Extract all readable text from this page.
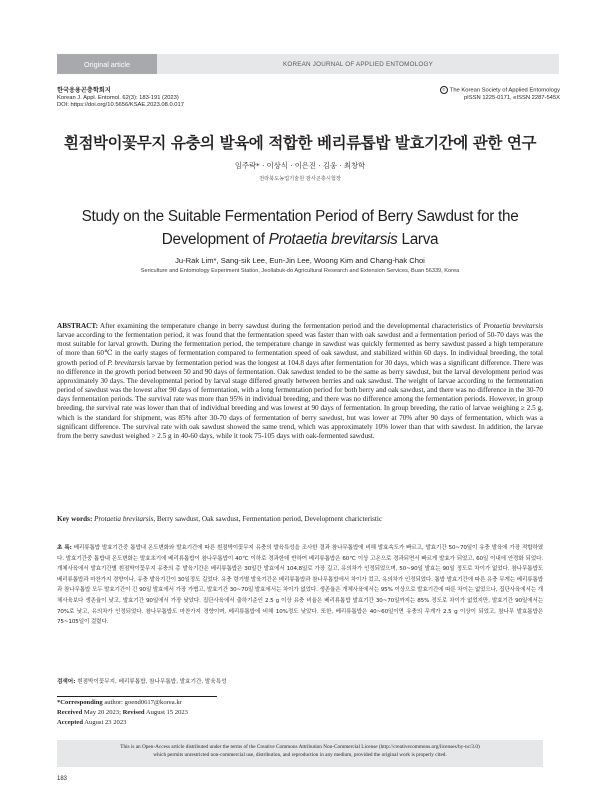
Original article	KOREAN JOURNAL OF APPLIED ENTOMOLOGY
한국응용곤충학회지
Korean J. Appl. Entomol. 62(3): 183-191 (2023)
DOI: https://doi.org/10.5656/KSAE.2023.08.0.017
© The Korean Society of Applied Entomology
pISSN 1225-0171, eISSN 2287-545X
흰점박이꽃무지 유충의 발육에 적합한 베리류톱밥 발효기간에 관한 연구
임주락* · 이상식 · 이은진 · 김웅 · 최창학
전라북도농업기술원 잠사곤충시험장
Study on the Suitable Fermentation Period of Berry Sawdust for the
Development of Protaetia brevitarsis Larva
Ju-Rak Lim*, Sang-sik Lee, Eun-Jin Lee, Woong Kim and Chang-hak Choi
Sericulture and Entomology Experiment Station, Jeollabuk-do Agricultural Research and Extension Services, Buan 56339, Korea
ABSTRACT: After examining the temperature change in berry sawdust during the fermentation period and the developmental characteristics of Protaetia brevitarsis larvae according to the fermentation period, it was found that the fermentation speed was faster than with oak sawdust and a fermentation period of 50-70 days was the most suitable for larval growth. During the fermentation period, the temperature change in sawdust was quickly fermented as berry sawdust passed a high temperature of more than 60℃ in the early stages of fermentation compared to fermentation speed of oak sawdust, and stabilized within 60 days. In individual breeding, the total growth period of P. brevitarsis larvae by fermentation period was the longest at 104.8 days after fermentation for 30 days, which was a significant difference. There was no difference in the growth period between 50 and 90 days of fermentation. Oak sawdust tended to be the same as berry sawdust, but the larval development period was approximately 30 days. The developmental period by larval stage differed greatly between berries and oak sawdust. The weight of larvae according to the fermentation period of sawdust was the lowest after 90 days of fermentation, with a long fermentation period for both berry and oak sawdust, and there was no difference in the 30-70 days fermentation periods. The survival rate was more than 95% in individual breeding, and there was no difference among the fermentation periods. However, in group breeding, the survival rate was lower than that of individual breeding and was lowest at 90 days of fermentation. In group breeding, the ratio of larvae weighing ≥ 2.5 g, which is the standard for shipment, was 85% after 30-70 days of fermentation of berry sawdust, but was lower at 70% after 90 days of fermentation, which was a significant difference. The survival rate with oak sawdust showed the same trend, which was approximately 10% lower than that with sawdust. In addition, the larvae from the berry sawdust weighed > 2.5 g in 40-60 days, while it took 75-105 days with oak-fermented sawdust.
Key words: Protaetia brevitarsis, Berry sawdust, Oak sawdust, Fermentation period, Development charicteristic
초 록: 베리류톱밥 발효기간중 톱밥내 온도변화와 발효기간에 따른 흰점박이꽃무지 유충의 발육특성을 조사한 결과 참나무톱밥에 비해 발효속도가 빠르고, 발효기간 50~70일이 유충 발육에 가장 적합하였다. 발효기간중 톱밥내 온도변화는 발효초기에 베리류톱밥이 참나무톱밥이 40℃ 이하로 경과한데 반하여 베리류톱밥은 60℃ 이상 고온으로 경과되면서 빠르게 발효가 되었고, 60일 이내에 안정화 되었다. 개체사육에서 발효기간별 흰점박이꽃무지 유충의 총 발육기간은 베리류톱밥은 30일간 발효에서 104.8일로 가장 길고, 유의차가 인정되었으며, 50~90일 발효는 90일 정도로 차이가 없었다. 참나무톱밥도 베리류톱밥과 마찬가지 경향이나, 유충 발육기간이 30일정도 길었다. 유충 령기별 발육기간은 베리류톱밥과 참나무톱밥에서 차이가 컸고, 유의차가 인정되었다. 톱밥 발효기간에 따른 유충 무게는 베리류톱밥과 참나무톱밥 모두 발효기간이 긴 90일 발효에서 가장 가볍고, 발효기간 30~70일 발효에서는 차이가 없었다. 생존율은 개체사육에서는 95% 이상으로 발효기간에 따른 차이는 없었으나, 집단사육에서는 개체사육보다 생존율이 낮고, 발효기간 90일에서 가장 낮았다. 집단사육에서 출하기준인 2.5 g 이상 유충 비율은 베리류톱밥 발효기간 30~70일까지는 85% 정도로 차이가 없었지만, 발효기간 90일에서는 70%로 낮고, 유의차가 인정되었다. 참나무톱밥도 마찬가지 경향이며, 베리류톱밥에 비해 10%정도 낮았다. 또한, 베리류톱밥은 40~60일이면 유충의 무게가 2.5 g 이상이 되었고, 참나무 발효톱밥은 75~105일이 걸렸다.
검색어: 흰점박이꽃무지, 베리류톱밥, 참나무톱밥, 발효기간, 발육특성
*Corresponding author: goend0617@korea.kr
Received May 20 2023; Revised August 15 2023
Accepted August 23 2023
This is an Open-Access article distributed under the terms of the Creative Commons Attribution Non-Commercial License (http://creativecommons.org/licenses/by-nc/3.0)
which permits unrestricted non-commercial use, distribution, and reproduction in any medium, provided the original work is properly cited.
183
